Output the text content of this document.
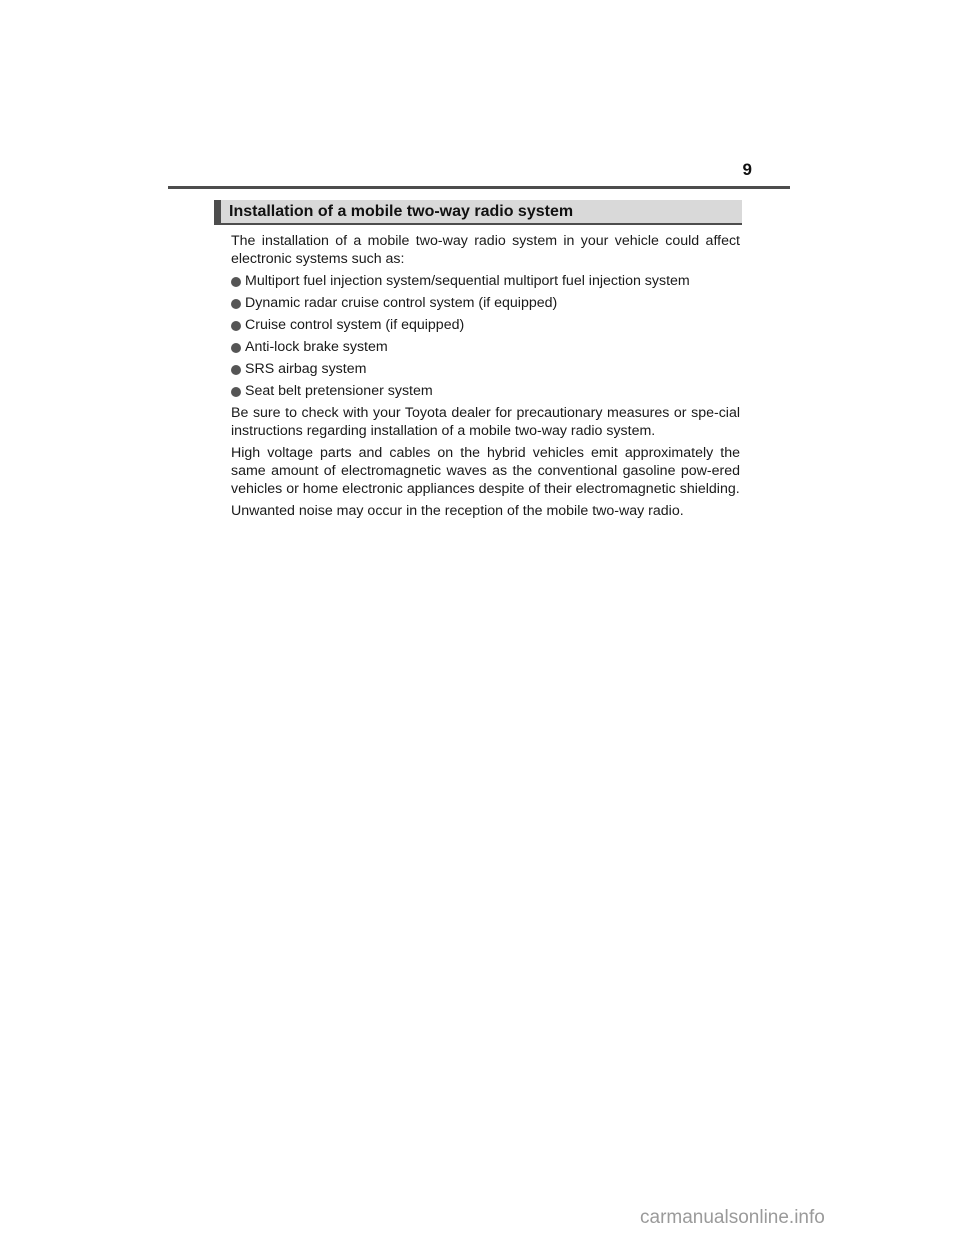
9
Installation of a mobile two-way radio system

The installation of a mobile two-way radio system in your vehicle could affect electronic systems such as:

Multiport fuel injection system/sequential multiport fuel injection system
Dynamic radar cruise control system (if equipped)
Cruise control system (if equipped)
Anti-lock brake system
SRS airbag system
Seat belt pretensioner system

Be sure to check with your Toyota dealer for precautionary measures or spe-cial instructions regarding installation of a mobile two-way radio system.

High voltage parts and cables on the hybrid vehicles emit approximately the same amount of electromagnetic waves as the conventional gasoline pow-ered vehicles or home electronic appliances despite of their electromagnetic shielding.

Unwanted noise may occur in the reception of the mobile two-way radio.

carmanualsonline.info
